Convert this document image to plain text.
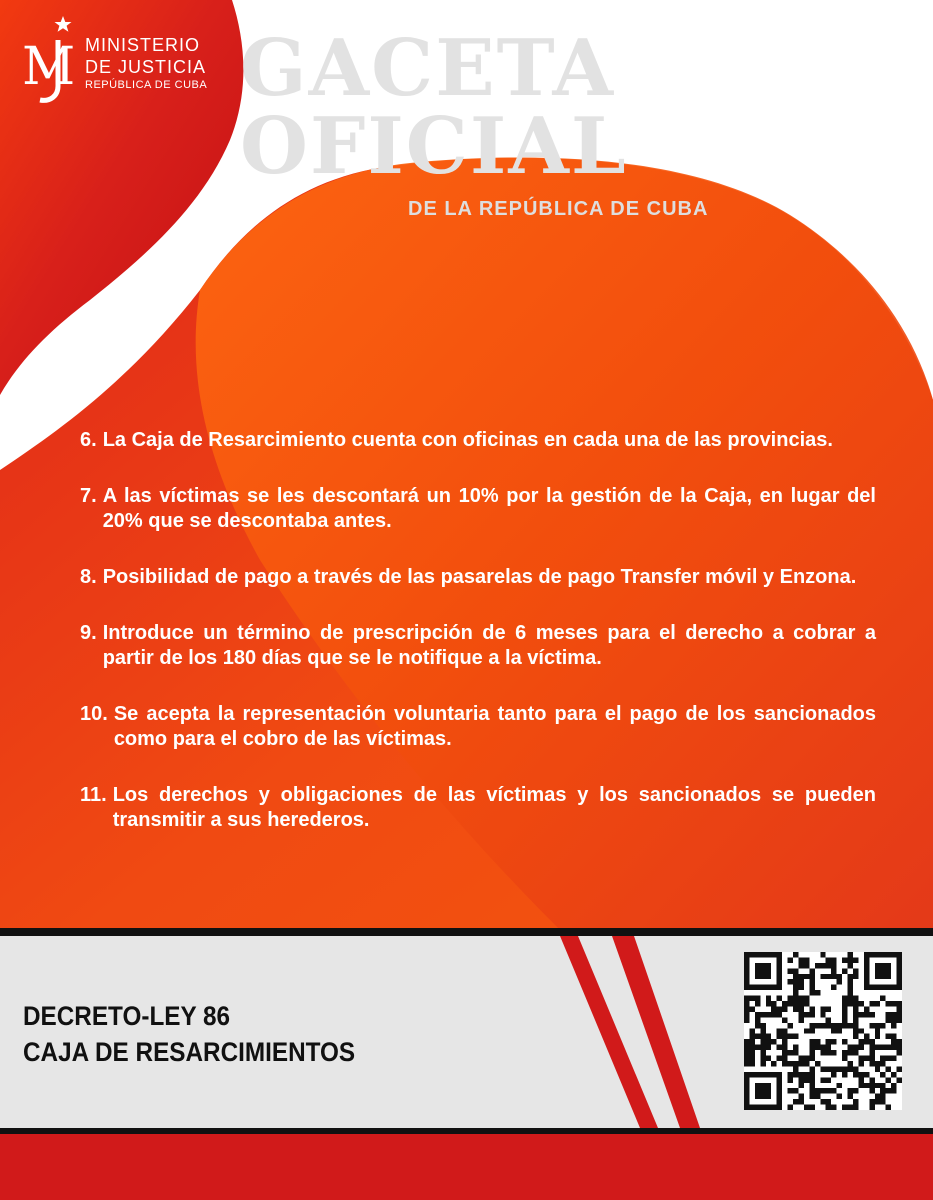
M MINISTERIO
DE JUSTICIA
REPÚBLICA DE CUBA GACETA OFICIAL
DE LA REPÚBLICA DE CUBA
6. La Caja de Resarcimiento cuenta con oficinas en cada una de las provincias.
7. A las víctimas se les descontará un 10% por la gestión de la Caja, en lugar del 20% que se descontaba antes.
8. Posibilidad de pago a través de las pasarelas de pago Transfer móvil y Enzona.
9. Introduce un término de prescripción de 6 meses para el derecho a cobrar a partir de los 180 días que se le notifique a la víctima.
10. Se acepta la representación voluntaria tanto para el pago de los sancionados como para el cobro de las víctimas.
11. Los derechos y obligaciones de las víctimas y los sancionados se pueden transmitir a sus herederos.
DECRETO-LEY 86
CAJA DE RESARCIMIENTOS
